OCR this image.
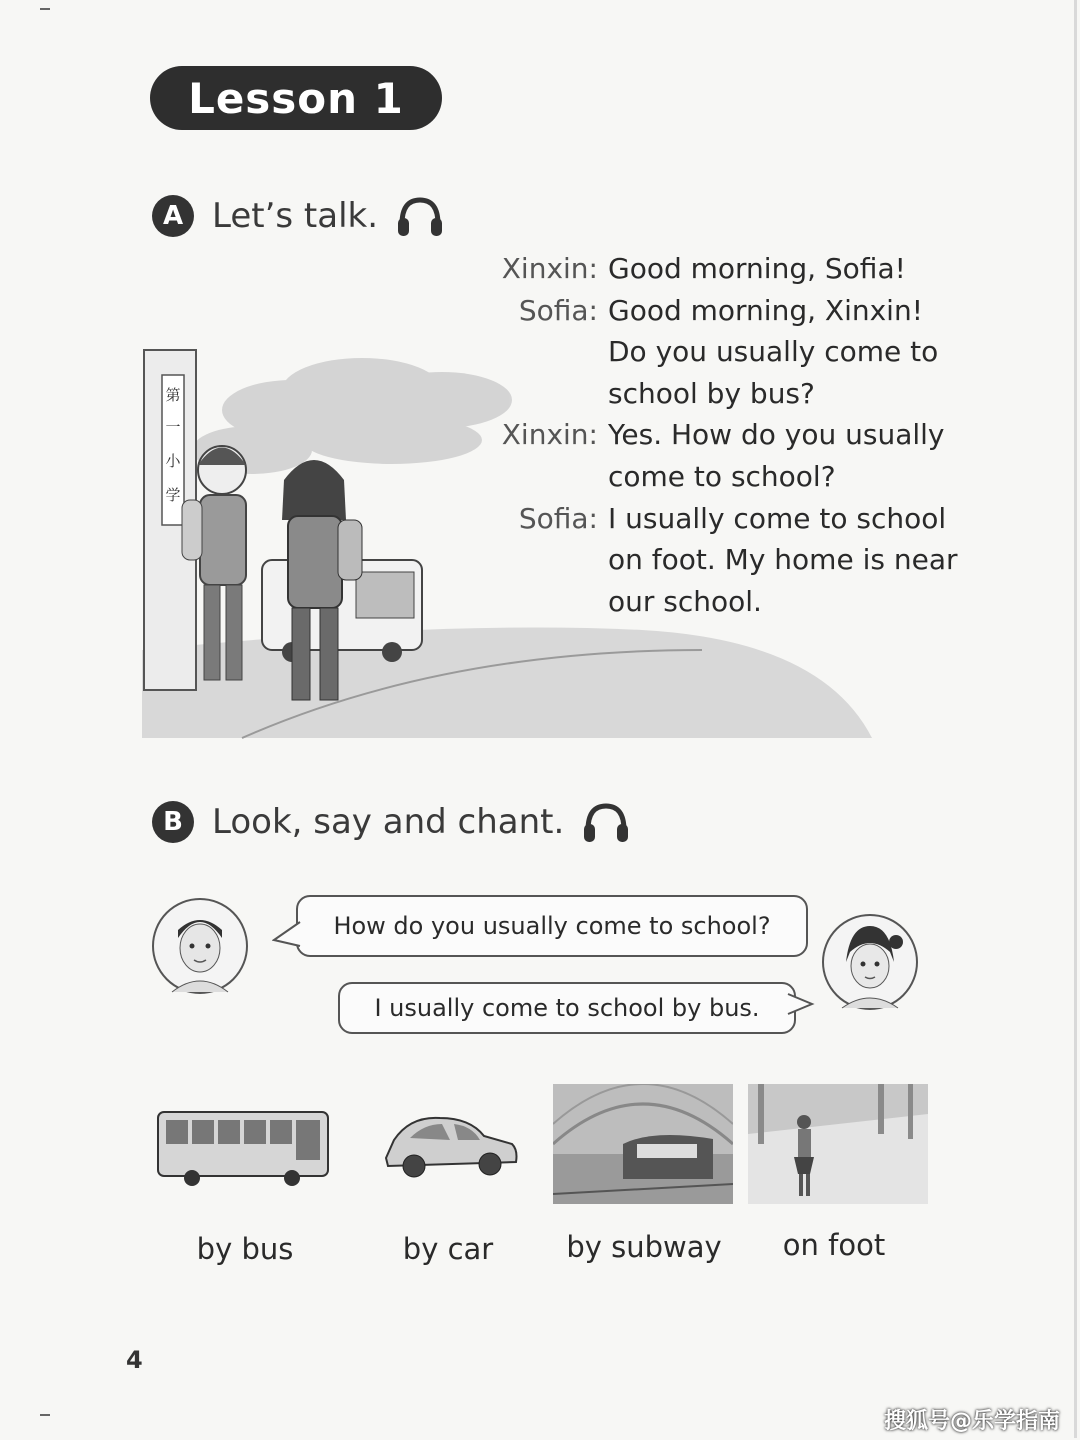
Lesson 1
A Let’s talk.
Xinxin: Good morning, Sofia!
Sofia: Good morning, Xinxin!
Do you usually come to
school by bus?
Xinxin: Yes. How do you usually
come to school?
Sofia: I usually come to school
on foot. My home is near
our school.
第
一
小
学
B Look, say and chant.
How do you usually come to school?
I usually come to school by bus.
by bus	by car	by subway	on foot
4
搜狐号@乐学指南
